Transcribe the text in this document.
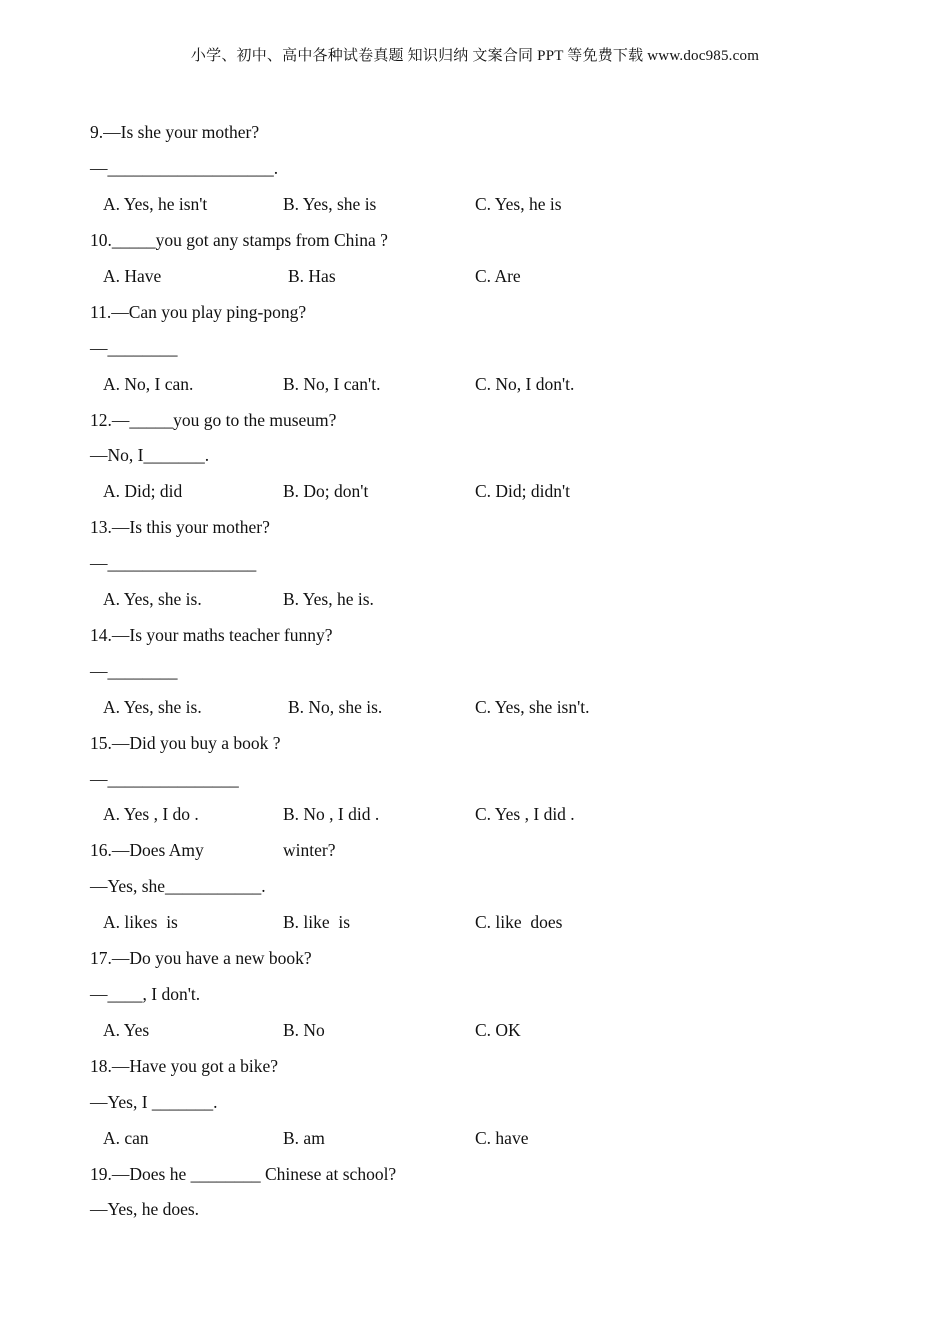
小学、初中、高中各种试卷真题 知识归纳 文案合同 PPT 等免费下载 www.doc985.com
9.—Is she your mother?
—___________________.
A. Yes, he isn't	B. Yes, she is	C. Yes, he is
10._____you got any stamps from China ?
A. Have	B. Has	C. Are
11.—Can you play ping-pong?
—________
A. No, I can.	B. No, I can't.	C. No, I don't.
12.—_____you go to the museum?
—No, I_______.
A. Did; did	B. Do; don't	C. Did; didn't
13.—Is this your mother?
—_________________
A. Yes, she is.	B. Yes, he is.
14.—Is your maths teacher funny?
—________
A. Yes, she is.	B. No, she is.	C. Yes, she isn't.
15.—Did you buy a book ?
—_______________
A. Yes , I do .	B. No , I did .	C. Yes , I did .
16.—Does Amy	winter?
—Yes, she___________.
A. likes  is	B. like  is	C. like  does
17.—Do you have a new book?
—____, I don't.
A. Yes	B. No	C. OK
18.—Have you got a bike?
—Yes, I _______.
A. can	B. am	C. have
19.—Does he ________ Chinese at school?
—Yes, he does.
